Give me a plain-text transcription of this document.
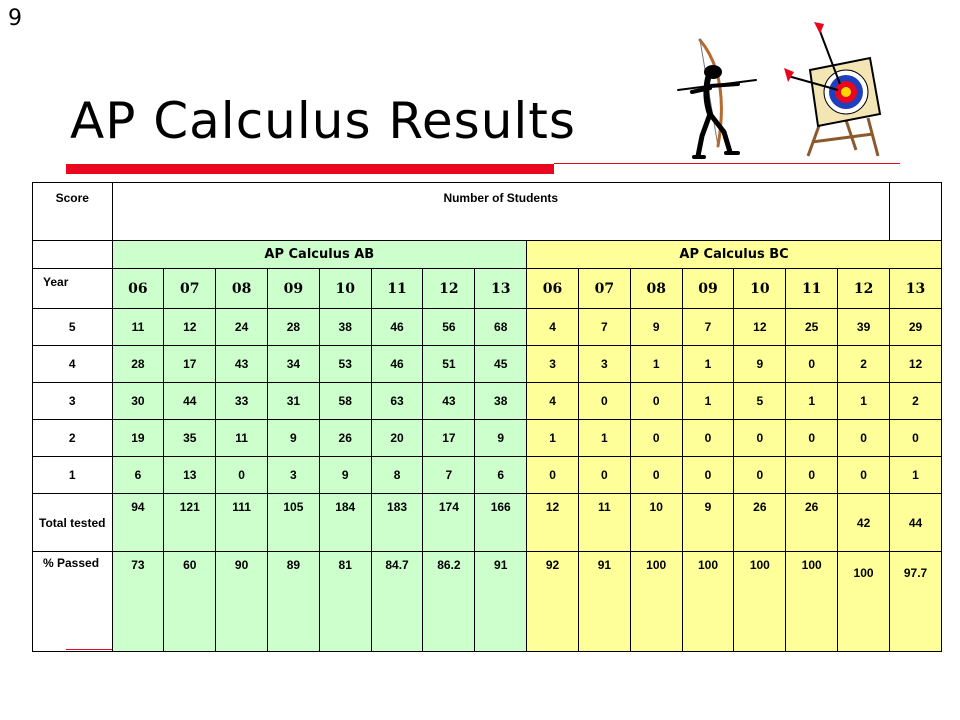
9
AP Calculus Results
Score	Number of Students															
	AP Calculus AB								AP Calculus BC							
Year	06	07	08	09	10	11	12	13	06	07	08	09	10	11	12	13
5	11	12	24	28	38	46	56	68	4	7	9	7	12	25	39	29
4	28	17	43	34	53	46	51	45	3	3	1	1	9	0	2	12
3	30	44	33	31	58	63	43	38	4	0	0	1	5	1	1	2
2	19	35	11	9	26	20	17	9	1	1	0	0	0	0	0	0
1	6	13	0	3	9	8	7	6	0	0	0	0	0	0	0	1
Total tested	94	121	111	105	184	183	174	166	12	11	10	9	26	26	42	44
% Passed	73	60	90	89	81	84.7	86.2	91	92	91	100	100	100	100	100	97.7
